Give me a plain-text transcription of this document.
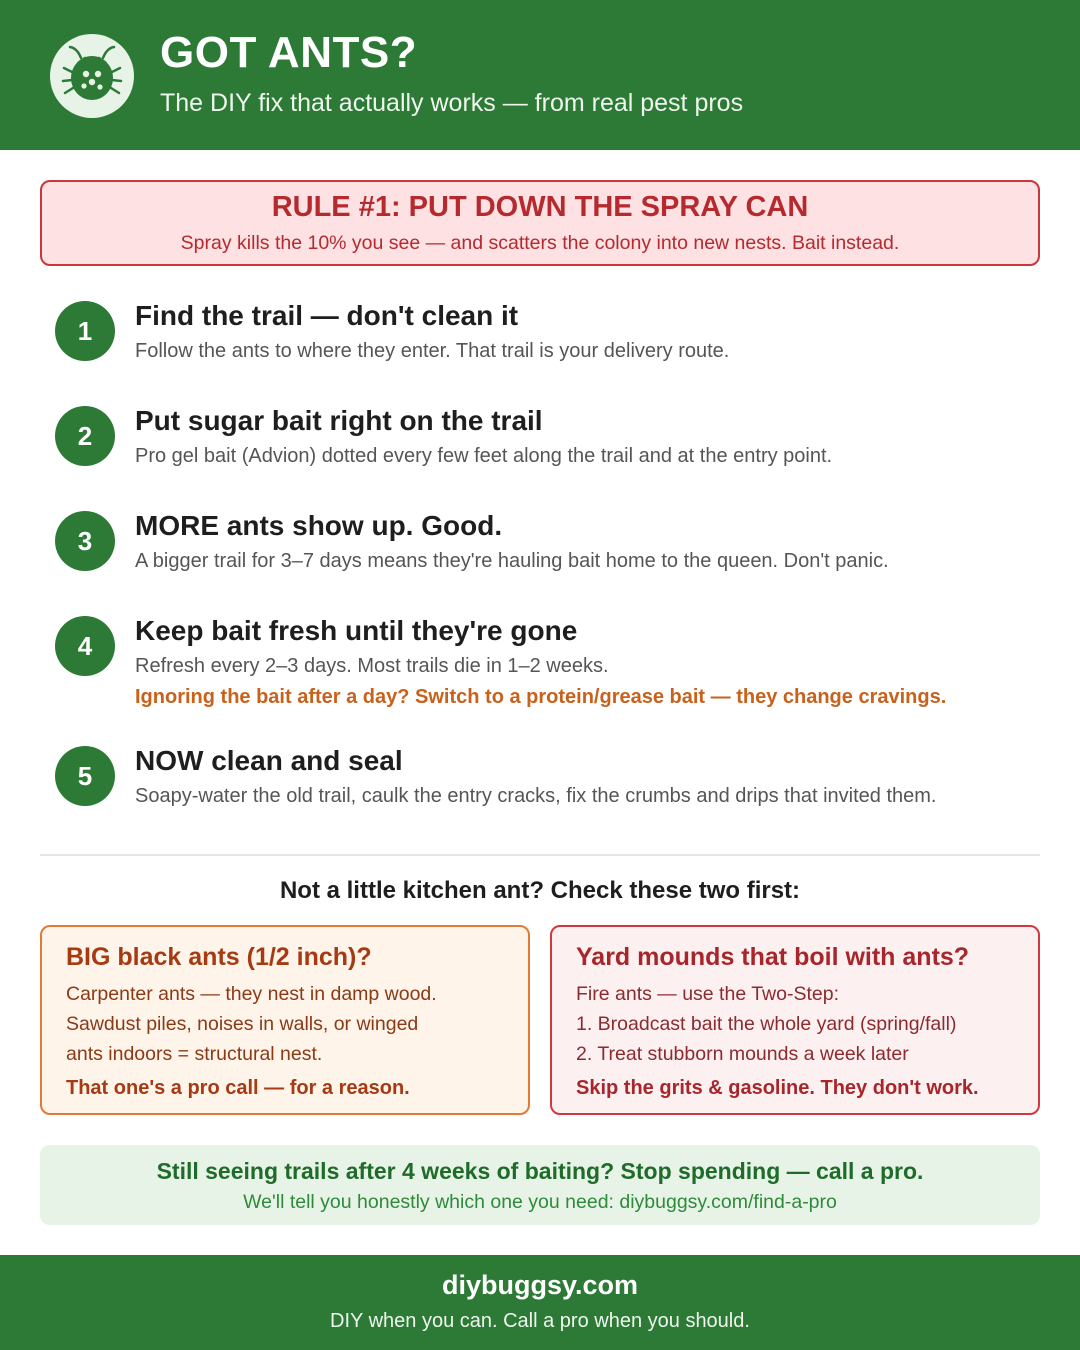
GOT ANTS?
The DIY fix that actually works — from real pest pros
RULE #1: PUT DOWN THE SPRAY CAN
Spray kills the 10% you see — and scatters the colony into new nests. Bait instead.
1	Find the trail — don't clean it
Follow the ants to where they enter. That trail is your delivery route.
2	Put sugar bait right on the trail
Pro gel bait (Advion) dotted every few feet along the trail and at the entry point.
3	MORE ants show up. Good.
A bigger trail for 3–7 days means they're hauling bait home to the queen. Don't panic.
4	Keep bait fresh until they're gone
Refresh every 2–3 days. Most trails die in 1–2 weeks.
Ignoring the bait after a day? Switch to a protein/grease bait — they change cravings.
5	NOW clean and seal
Soapy-water the old trail, caulk the entry cracks, fix the crumbs and drips that invited them.
Not a little kitchen ant? Check these two first:
BIG black ants (1/2 inch)?
Carpenter ants — they nest in damp wood.
Sawdust piles, noises in walls, or winged
ants indoors = structural nest.
That one's a pro call — for a reason.
Yard mounds that boil with ants?
Fire ants — use the Two-Step:
1. Broadcast bait the whole yard (spring/fall)
2. Treat stubborn mounds a week later
Skip the grits & gasoline. They don't work.
Still seeing trails after 4 weeks of baiting? Stop spending — call a pro.
We'll tell you honestly which one you need: diybuggsy.com/find-a-pro
diybuggsy.com
DIY when you can. Call a pro when you should.
